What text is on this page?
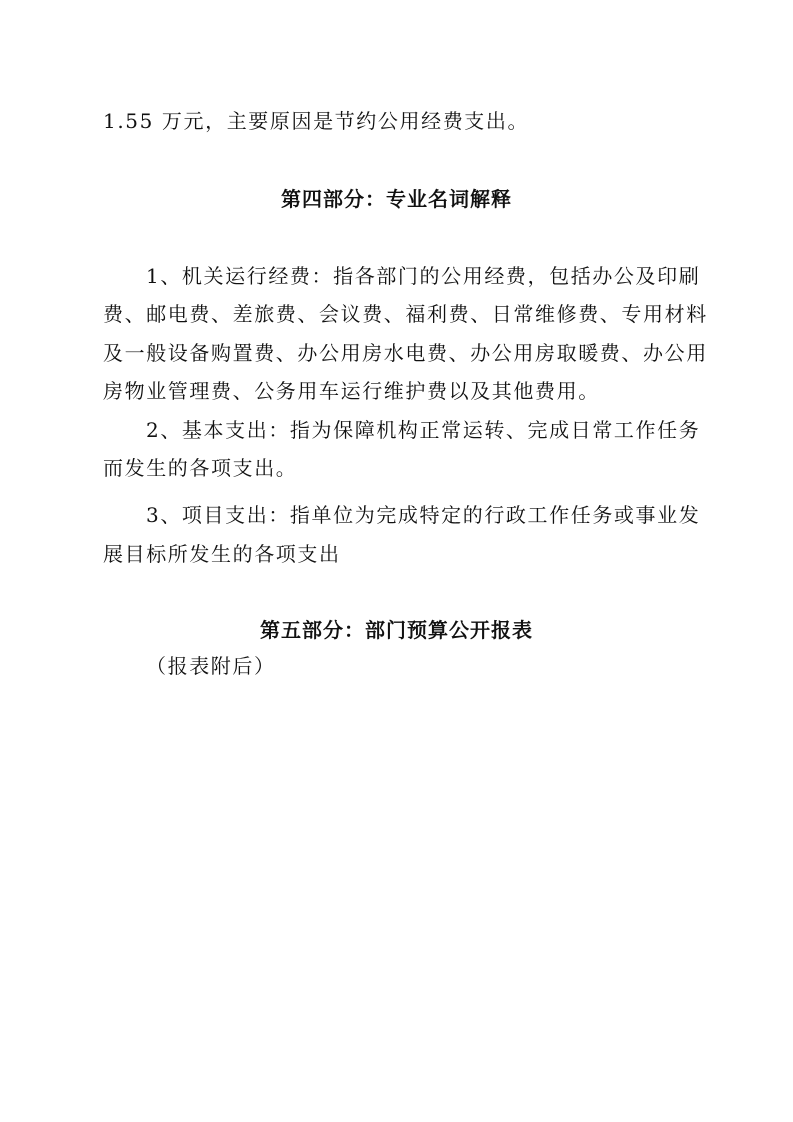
1.55 万元，主要原因是节约公用经费支出。
第四部分：专业名词解释
1、机关运行经费：指各部门的公用经费，包括办公及印刷
费、邮电费、差旅费、会议费、福利费、日常维修费、专用材料
及一般设备购置费、办公用房水电费、办公用房取暖费、办公用
房物业管理费、公务用车运行维护费以及其他费用。
2、基本支出：指为保障机构正常运转、完成日常工作任务
而发生的各项支出。
3、项目支出：指单位为完成特定的行政工作任务或事业发
展目标所发生的各项支出
第五部分：部门预算公开报表
（报表附后）
